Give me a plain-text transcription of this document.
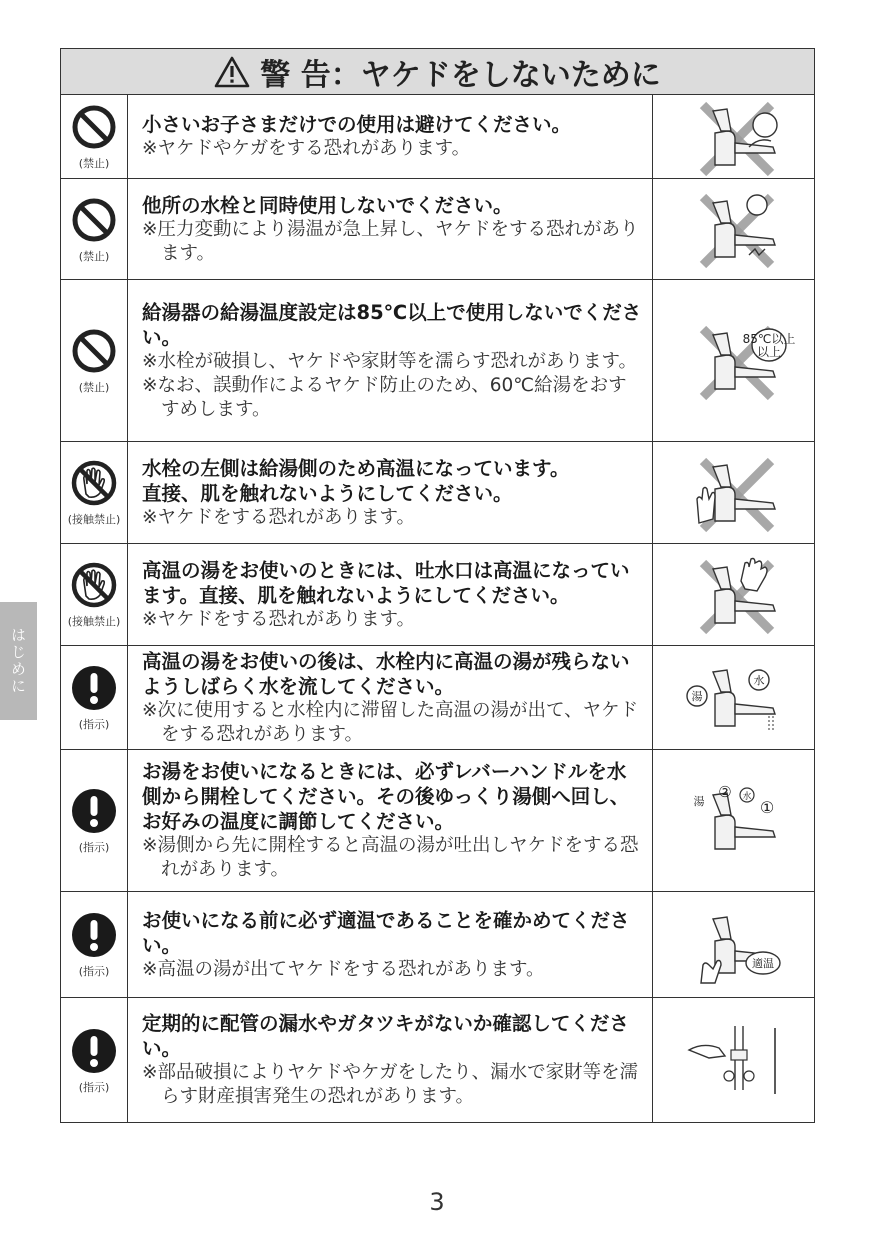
はじめに
警 告：ヤケドをしないために
(禁止)
小さいお子さまだけでの使用は避けてください。
※ヤケドやケガをする恐れがあります。
(禁止)
他所の水栓と同時使用しないでください。
※圧力変動により湯温が急上昇し、ヤケドをする恐れがあります。
(禁止)
給湯器の給湯温度設定は85℃以上で使用しないでください。
※水栓が破損し、ヤケドや家財等を濡らす恐れがあります。
※なお、誤動作によるヤケド防止のため、60℃給湯をおすすめします。
85℃以上
以上
(接触禁止)
水栓の左側は給湯側のため高温になっています。
直接、肌を触れないようにしてください。
※ヤケドをする恐れがあります。
(接触禁止)
高温の湯をお使いのときには、吐水口は高温になっています。直接、肌を触れないようにしてください。
※ヤケドをする恐れがあります。
(指示)
高温の湯をお使いの後は、水栓内に高温の湯が残らないようしばらく水を流してください。
※次に使用すると水栓内に滞留した高温の湯が出て、ヤケドをする恐れがあります。
湯
水
(指示)
お湯をお使いになるときには、必ずレバーハンドルを水側から開栓してください。その後ゆっくり湯側へ回し、お好みの温度に調節してください。
※湯側から先に開栓すると高温の湯が吐出しヤケドをする恐れがあります。
湯
② 水
①
(指示)
お使いになる前に必ず適温であることを確かめてください。
※高温の湯が出てヤケドをする恐れがあります。	適温
(指示)
定期的に配管の漏水やガタツキがないか確認してください。
※部品破損によりヤケドやケガをしたり、漏水で家財等を濡らす財産損害発生の恐れがあります。
3
